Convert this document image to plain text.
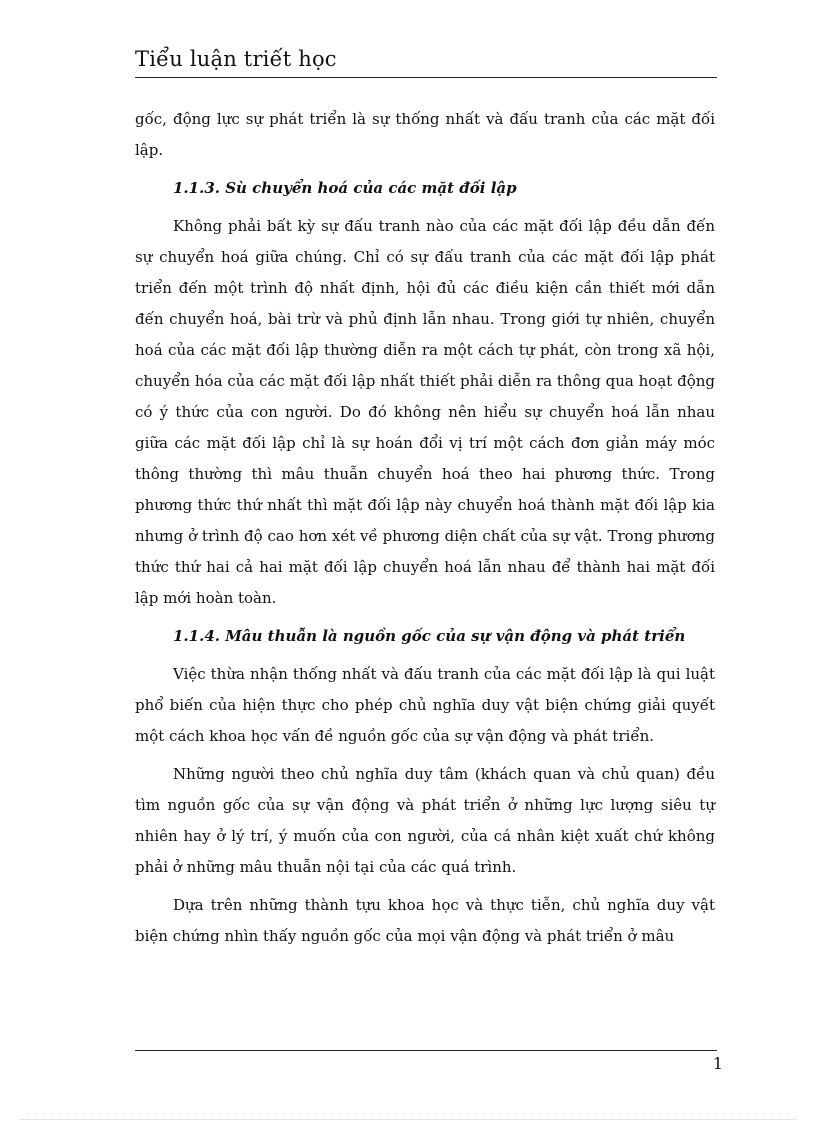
Tiểu luận triết học

gốc, động lực sự phát triển là sự thống nhất và đấu tranh của các mặt đối lập.

1.1.3. Sù chuyển hoá của các mặt đối lập

Không phải bất kỳ sự đấu tranh nào của các mặt đối lập đều dẫn đến sự chuyển hoá giữa chúng. Chỉ có sự đấu tranh của các mặt đối lập phát triển đến một trình độ nhất định, hội đủ các điều kiện cần thiết mới dẫn đến chuyển hoá, bài trừ và phủ định lẫn nhau. Trong giới tự nhiên, chuyển hoá của các mặt đối lập thường diễn ra một cách tự phát, còn trong xã hội, chuyển hóa của các mặt đối lập nhất thiết phải diễn ra thông qua hoạt động có ý thức của con người. Do đó không nên hiểu sự chuyển hoá lẫn nhau giữa các mặt đối lập chỉ là sự hoán đổi vị trí một cách đơn giản máy móc thông thường thì mâu thuẫn chuyển hoá theo hai phương thức. Trong phương thức thứ nhất thì mặt đối lập này chuyển hoá thành mặt đối lập kia nhưng ở trình độ cao hơn xét về phương diện chất của sự vật. Trong phương thức thứ hai cả hai mặt đối lập chuyển hoá lẫn nhau để thành hai mặt đối lập mới hoàn toàn.

1.1.4. Mâu thuẫn là nguồn gốc của sự vận động và phát triển

Việc thừa nhận thống nhất và đấu tranh của các mặt đối lập là qui luật phổ biến của hiện thực cho phép chủ nghĩa duy vật biện chứng giải quyết một cách khoa học vấn đề nguồn gốc của sự vận động và phát triển.

Những người theo chủ nghĩa duy tâm (khách quan và chủ quan) đều tìm nguồn gốc của sự vận động và phát triển ở những lực lượng siêu tự nhiên hay ở lý trí, ý muốn của con người, của cá nhân kiệt xuất chứ không phải ở những mâu thuẫn nội tại của các quá trình.

Dựa trên những thành tựu khoa học và thực tiễn, chủ nghĩa duy vật biện chứng nhìn thấy nguồn gốc của mọi vận động và phát triển ở mâu

1
